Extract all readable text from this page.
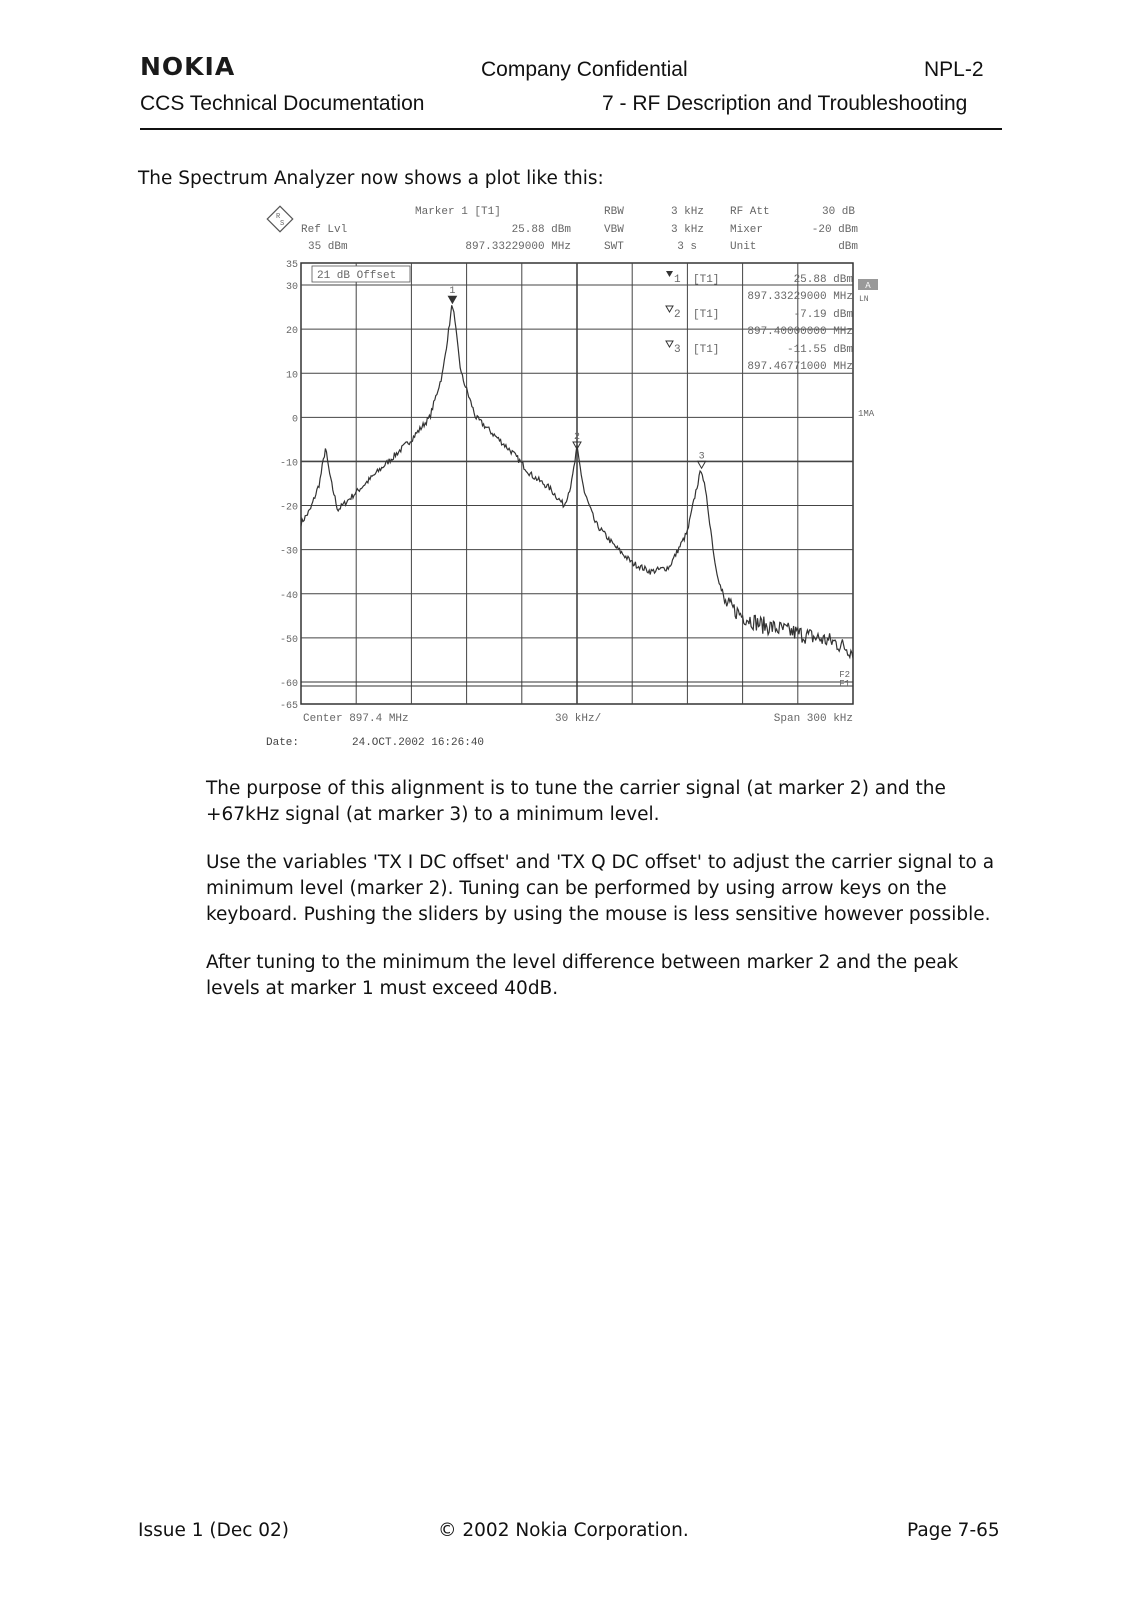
NOKIA	Company Confidential	NPL-2
CCS Technical Documentation	7 - RF Description and Troubleshooting
The Spectrum Analyzer now shows a plot like this:
R
S
Marker 1 [T1]
Ref Lvl	25.88 dBm
35 dBm	897.33229000 MHz
RBW	3 kHz
VBW	3 kHz
SWT	3 s
RF Att	30 dB
Mixer	-20 dBm
Unit	dBm
35
30
20
10
0
-10
-20
-30
-40
-50
-60
-65
21 dB Offset	1 [T1]	25.88 dBm
897.33229000 MHz
2 [T1]	-7.19 dBm
897.40000000 MHz
3 [T1]	-11.55 dBm
897.46771000 MHz
A
LN
1MA
F2
F1
1
2
3
Center 897.4 MHz	30 kHz/	Span 300 kHz
Date:	24.OCT.2002 16:26:40

The purpose of this alignment is to tune the carrier signal (at marker 2) and the +67kHz signal (at marker 3) to a minimum level.

Use the variables 'TX I DC offset' and 'TX Q DC offset' to adjust the carrier signal to a minimum level (marker 2). Tuning can be performed by using arrow keys on the keyboard. Pushing the sliders by using the mouse is less sensitive however possible.

After tuning to the minimum the level difference between marker 2 and the peak levels at marker 1 must exceed 40dB.

Issue 1 (Dec 02)	© 2002 Nokia Corporation.	Page 7-65
